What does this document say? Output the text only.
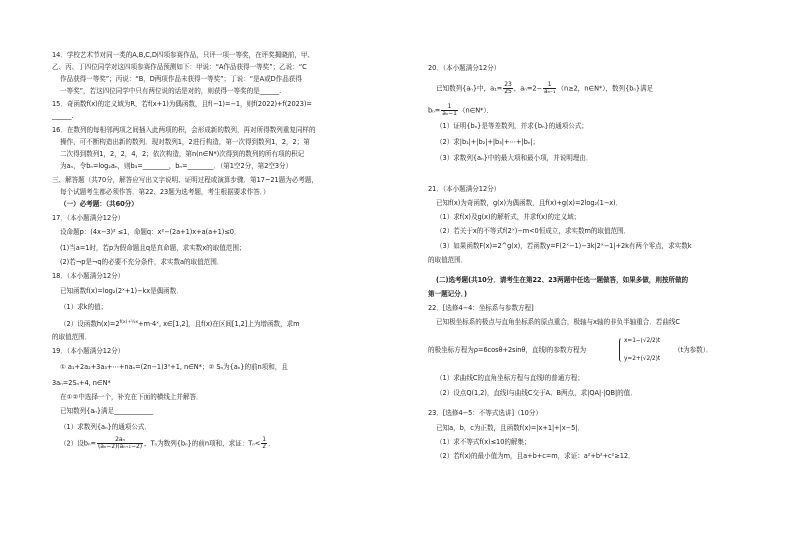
14．学校艺术节对同一类的A,B,C,D四项参赛作品，只评一项一等奖，在评奖揭晓前，甲、
乙、丙、丁四位同学对这四项参赛作品预测如下：甲说：“A作品获得一等奖”；乙说：“C
作品获得一等奖”；丙说：“B，D两项作品未获得一等奖”；丁说：“是A或D作品获得
一等奖”，若这四位同学中只有两位说的话是对的，则获得一等奖的是______.
15．奇函数f(x)的定义域为R，若f(x+1)为偶函数，且f(−1)=−1，则f(2022)+f(2023)=
______.
16．在数列的每相邻两项之间插入此两项的积，会形成新的数列，再对所得数列重复同样的
操作，可不断构造出新的数列．现对数列1，2进行构造，第一次得到数列1，2，2；第
二次得到数列1，2，2，4，2；依次构造，第n(n∈N*)次得到的数列的所有项的积记
为aₙ，令bₙ=log₂aₙ，则b₃=________，bₙ=________．（第1空2分，第2空3分）
三、解答题（共70分，解答应写出文字说明、证明过程或演算步骤．第17~21题为必考题，
每个试题考生都必须作答．第22、23题为选考题，考生根据要求作答．）
（一）必考题：（共60分）
17．（本小题满分12分）
设命题p：(4x−3)² ≤1，命题q：x²−(2a+1)x+a(a+1)≤0．
(1)当a=1时，若p为假命题且q是真命题，求实数x的取值范围；
(2)若¬p是¬q的必要不充分条件，求实数a的取值范围．
18．（本小题满分12分）
已知函数f(x)=log₂(2ˣ+1)−kx是偶函数．
（1）求k的值；
（2）设函数$h(x)=2^{f(x)+\frac{1}{2}x}+m\cdot 4ˣ$, x∈[1,2]，且f(x)在区间[1,2]上为增函数，求m
的取值范围．
19．（本小题满分12分）
① a₁+2a₂+3a₃+⋯+naₙ=(2n−1)3ⁿ+1, n∈N*；② Sₙ为{aₙ}的前n项和，且
3aₙ=2Sₙ+4, n∈N*
在①②中选择一个，补充在下面的横线上并解答．
已知数列{aₙ}满足____________
（1）求数列{aₙ}的通项公式．
（2）设$b_n= \frac{\text{2aₙ}}{\text{(aₙ−2)(aₙ₊₁−2)}}$ ，Tₙ为数列{bₙ}的前n项和，求证：$T_n< \frac{1}{2}$ ．
20．（本小题满分12分）
已知数列{aₙ}中，$a_1= \frac{23}{25}$ ，$a_n=2- \frac{1}{\text{aₙ₋₁}} (n\ge 2$，n∈N*），数列{bₙ}满足
$b_n= \frac{1}{\text{aₙ−1}}$ （n∈N*）．
（1）证明{bₙ}是等差数列，并求{bₙ}的通项公式；
（2）求|b₁|+|b₂|+|b₃|+⋯+|bₙ|；
（3）求数列{aₙ}中的最大项和最小项，并说明理由．
21．（本小题满分12分）
已知f(x)为奇函数，g(x)为偶函数，且f(x)+g(x)=2log₂(1−x)．
（1）求f(x)及g(x)的解析式，并求f(x)的定义域；
（2）若关于x的不等式f(2ˣ)−m<0恒成立，求实数m的取值范围．
（3）如果函数F(x)=2^g(x)，若函数y=F(2ˣ−1)−3k|2ˣ−1|+2k有两个零点，求实数k
的取值范围．
(二)选考题(共10分．请考生在第22、23两题中任选一题做答，如果多做，则按所做的
第一题记分．)
22．[选修4−4：坐标系与参数方程]
已知极坐标系的极点与直角坐标系的原点重合，极轴与x轴的非负半轴重合．若曲线C
的极坐标方程为ρ=6cosθ+2sinθ，直线l的参数方程为
x=1−(√2/2)t
y=2+(√2/2)t
（t为参数）．
（1）求曲线C的直角坐标方程与直线l的普通方程；
（2）设点Q(1,2)，直线l与曲线C交于A、B两点，求|QA|·|QB|的值．
23．[选修4−5：不等式选讲]（10分）
已知a，b，c为正数，且函数f(x)=|x+1|+|x−5|．
（1）求不等式f(x)≤10的解集；
（2）若f(x)的最小值为m，且a+b+c=m，求证：a²+b²+c²≥12．
